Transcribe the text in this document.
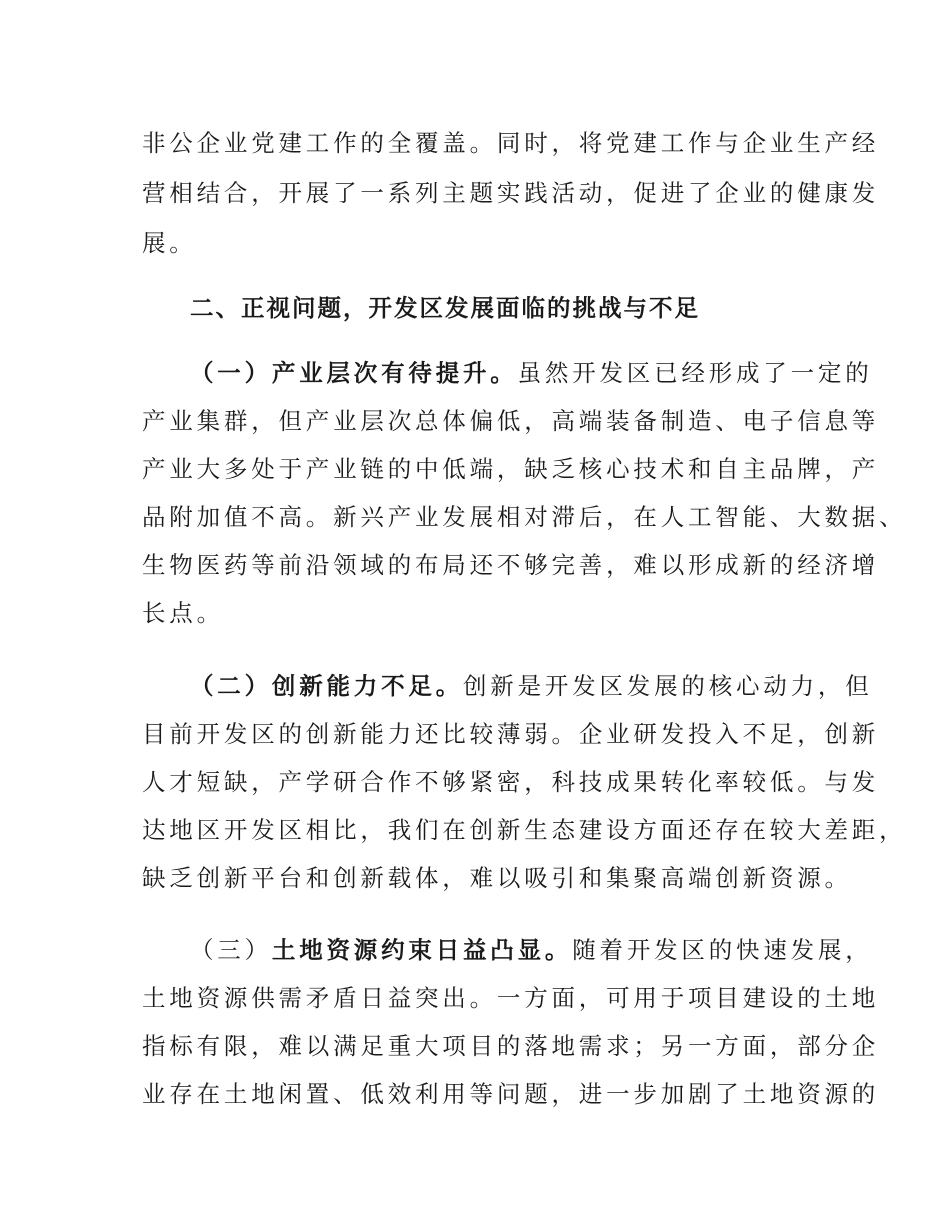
非公企业党建工作的全覆盖。同时，将党建工作与企业生产经
营相结合，开展了一系列主题实践活动，促进了企业的健康发
展。
二、正视问题，开发区发展面临的挑战与不足
（一）产业层次有待提升。虽然开发区已经形成了一定的
产业集群，但产业层次总体偏低，高端装备制造、电子信息等
产业大多处于产业链的中低端，缺乏核心技术和自主品牌，产
品附加值不高。新兴产业发展相对滞后，在人工智能、大数据、
生物医药等前沿领域的布局还不够完善，难以形成新的经济增
长点。
（二）创新能力不足。创新是开发区发展的核心动力，但
目前开发区的创新能力还比较薄弱。企业研发投入不足，创新
人才短缺，产学研合作不够紧密，科技成果转化率较低。与发
达地区开发区相比，我们在创新生态建设方面还存在较大差距，
缺乏创新平台和创新载体，难以吸引和集聚高端创新资源。
（三）土地资源约束日益凸显。随着开发区的快速发展，
土地资源供需矛盾日益突出。一方面，可用于项目建设的土地
指标有限，难以满足重大项目的落地需求；另一方面，部分企
业存在土地闲置、低效利用等问题，进一步加剧了土地资源的
